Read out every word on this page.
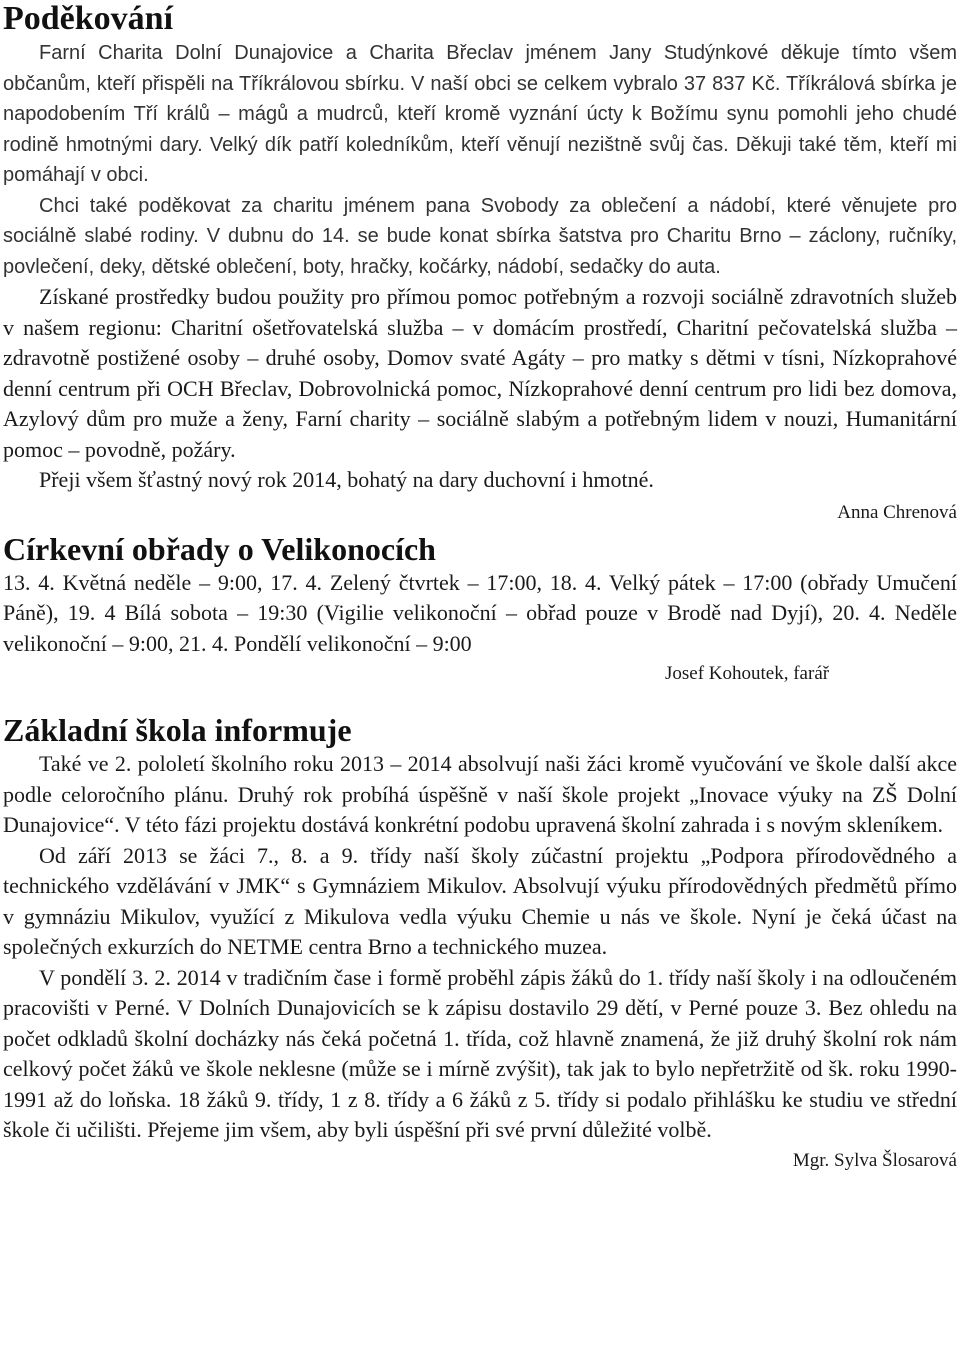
Poděkování

Farní Charita Dolní Dunajovice a Charita Břeclav jménem Jany Studýnkové děkuje tímto všem občanům, kteří přispěli na Tříkrálovou sbírku. V naší obci se celkem vybralo 37 837 Kč. Tříkrálová sbírka je napodobením Tří králů – mágů a mudrců, kteří kromě vyznání úcty k Božímu synu pomohli jeho chudé rodině hmotnými dary. Velký dík patří koledníkům, kteří věnují nezištně svůj čas. Děkuji také těm, kteří mi pomáhají v obci.

Chci také poděkovat za charitu jménem pana Svobody za oblečení a nádobí, které věnujete pro sociálně slabé rodiny. V dubnu do 14. se bude konat sbírka šatstva pro Charitu Brno – záclony, ručníky, povlečení, deky, dětské oblečení, boty, hračky, kočárky, nádobí, sedačky do auta.

Získané prostředky budou použity pro přímou pomoc potřebným a rozvoji sociálně zdravotních služeb v našem regionu: Charitní ošetřovatelská služba – v domácím prostředí, Charitní pečovatelská služba – zdravotně postižené osoby – druhé osoby, Domov svaté Agáty – pro matky s dětmi v tísni, Nízkoprahové denní centrum při OCH Břeclav, Dobrovolnická pomoc, Nízkoprahové denní centrum pro lidi bez domova, Azylový dům pro muže a ženy, Farní charity – sociálně slabým a potřebným lidem v nouzi, Humanitární pomoc – povodně, požáry.

Přeji všem šťastný nový rok 2014, bohatý na dary duchovní i hmotné.

Anna Chrenová
Církevní obřady o Velikonocích

13. 4. Květná neděle – 9:00, 17. 4. Zelený čtvrtek – 17:00, 18. 4. Velký pátek – 17:00 (obřady Umučení Páně), 19. 4 Bílá sobota – 19:30 (Vigilie velikonoční – obřad pouze v Brodě nad Dyjí), 20. 4. Neděle velikonoční – 9:00, 21. 4. Pondělí velikonoční – 9:00

Josef Kohoutek, farář
Základní škola informuje

Také ve 2. pololetí školního roku 2013 – 2014 absolvují naši žáci kromě vyučování ve škole další akce podle celoročního plánu. Druhý rok probíhá úspěšně v naší škole projekt „Inovace výuky na ZŠ Dolní Dunajovice“. V této fázi projektu dostává konkrétní podobu upravená školní zahrada i s novým skleníkem.

Od září 2013 se žáci 7., 8. a 9. třídy naší školy zúčastní projektu „Podpora přírodovědného a technického vzdělávání v JMK“ s Gymnáziem Mikulov. Absolvují výuku přírodovědných předmětů přímo v gymnáziu Mikulov, využící z Mikulova vedla výuku Chemie u nás ve škole. Nyní je čeká účast na společných exkurzích do NETME centra Brno a technického muzea.

V pondělí 3. 2. 2014 v tradičním čase i formě proběhl zápis žáků do 1. třídy naší školy i na odloučeném pracovišti v Perné. V Dolních Dunajovicích se k zápisu dostavilo 29 dětí, v Perné pouze 3. Bez ohledu na počet odkladů školní docházky nás čeká početná 1. třída, což hlavně znamená, že již druhý školní rok nám celkový počet žáků ve škole neklesne (může se i mírně zvýšit), tak jak to bylo nepřetržitě od šk. roku 1990-1991 až do loňska. 18 žáků 9. třídy, 1 z 8. třídy a 6 žáků z 5. třídy si podalo přihlášku ke studiu ve střední škole či učilišti. Přejeme jim všem, aby byli úspěšní při své první důležité volbě.

Mgr. Sylva Šlosarová
